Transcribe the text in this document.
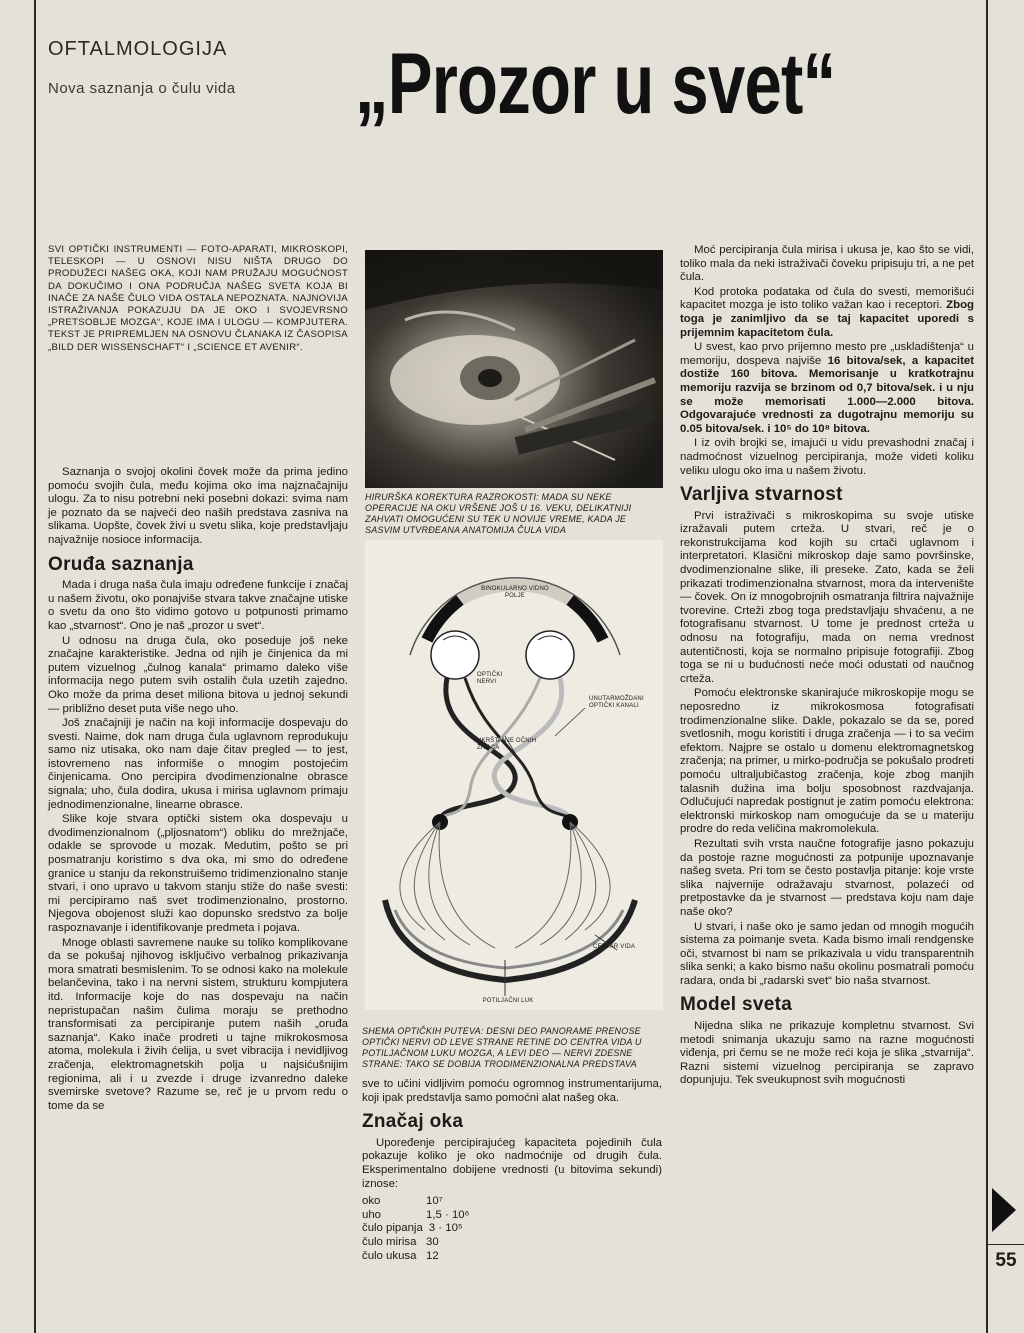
OFTALMOLOGIJA
Nova saznanja o čulu vida „Prozor u svet“
SVI OPTIČKI INSTRUMENTI — FOTO-APARATI, MIKROSKOPI, TELESKOPI — U OSNOVI NISU NIŠTA DRUGO DO PRODUŽECI NAŠEG OKA, KOJI NAM PRUŽAJU MOGUĆNOST DA DOKUČIMO I ONA PODRUČJA NAŠEG SVETA KOJA BI INAČE ZA NAŠE ČULO VIDA OSTALA NEPOZNATA. NAJNOVIJA ISTRAŽIVANJA POKAZUJU DA JE OKO I SVOJEVRSNO „PRETSOBLJE MOZGA“, KOJE IMA I ULOGU — KOMPJUTERA. TEKST JE PRIPREMLJEN NA OSNOVU ČLANAKA IZ ČASOPISA „BILD DER WISSENSCHAFT“ I „SCIENCE ET AVENIR“.

Saznanja o svojoj okolini čovek može da prima jedino pomoću svojih čula, među kojima oko ima najznačajniju ulogu. Za to nisu potrebni neki posebni dokazi: svima nam je poznato da se najveći deo naših predstava zasniva na slikama. Uopšte, čovek živi u svetu slika, koje predstavljaju najvažnije nosioce informacija.

Oruđa saznanja

Mada i druga naša čula imaju određene funkcije i značaj u našem životu, oko ponajviše stvara takve značajne utiske o svetu da ono što vidimo gotovo u potpunosti primamo kao „stvarnost“. Ono je naš „prozor u svet“.

U odnosu na druga čula, oko poseduje još neke značajne karakteristike. Jedna od njih je činjenica da mi putem vizuelnog „čulnog kanala“ primamo daleko više informacija nego putem svih ostalih čula uzetih zajedno. Oko može da prima deset miliona bitova u jednoj sekundi — približno deset puta više nego uho.

Još značajniji je način na koji informacije dospevaju do svesti. Naime, dok nam druga čula uglavnom reprodukuju samo niz utisaka, oko nam daje čitav pregled — to jest, istovremeno nas informiše o mnogim postojećim činjenicama. Ono percipira dvodimenzionalne obrasce signala; uho, čula dodira, ukusa i mirisa uglavnom primaju jednodimenzionalne, linearne obrasce.

Slike koje stvara optički sistem oka dospevaju u dvodimenzionalnom („pljosnatom“) obliku do mrežnjače, odakle se sprovode u mozak. Medutim, pošto se pri posmatranju koristimo s dva oka, mi smo do određene granice u stanju da rekonstruišemo tridimenzionalno stanje stvari, i ono upravo u takvom stanju stiže do naše svesti: mi percipiramo naš svet trodimenzionalno, prostorno. Njegova obojenost služi kao dopunsko sredstvo za bolje raspoznavanje i identifikovanje predmeta i pojava.

Mnoge oblasti savremene nauke su toliko komplikovane da se pokušaj njihovog isključivo verbalnog prikazivanja mora smatrati besmislenim. To se odnosi kako na molekule belančevina, tako i na nervni sistem, strukturu kompjutera itd. Informacije koje do nas dospevaju na način nepristupačan našim čulima moraju se prethodno transformisati za percipiranje putem naših „oruđa saznanja“. Kako inače prodreti u tajne mikrokosmosa atoma, molekula i živih ćelija, u svet vibracija i nevidljivog zračenja, elektromagnetskih polja u najsićušnijim regionima, ali i u zvezde i druge izvanredno daleke svemirske svetove? Razume se, reč je u prvom redu o tome da se

HIRURŠKA KOREKTURA RAZROKOSTI: MADA SU NEKE OPERACIJE NA OKU VRŠENE JOŠ U 16. VEKU, DELIKATNIJI ZAHVATI OMOGUĆENI SU TEK U NOVIJE VREME, KADA JE SASVIM UTVRĐEANA ANATOMIJA ČULA VIDA
BINOKULARNO VIDNO POLJE
OPTIČKI NERVI
UNUTARMOŽDANI OPTIČKI KANALI
UKRŠTANJE OČNIH ŽIVACA
CENTAR VIDA
POTILJAČNI LUK
SHEMA OPTIČKIH PUTEVA: DESNI DEO PANORAME PRENOSE OPTIČKI NERVI OD LEVE STRANE RETINE DO CENTRA VIDA U POTILJAČNOM LUKU MOZGA, A LEVI DEO — NERVI ZDESNE STRANE: TAKO SE DOBIJA TRODIMENZIONALNA PREDSTAVA

sve to učini vidljivim pomoću ogromnog instrumentarijuma, koji ipak predstavlja samo pomoćni alat našeg oka.

Značaj oka

Upoređenje percipirajućeg kapaciteta pojedinih čula pokazuje koliko je oko nadmoćnije od drugih čula. Eksperimentalno dobijene vrednosti (u bitovima sekundi) iznose:

oko	10⁷
uho	1,5 · 10⁶
čulo pipanja 3 · 10⁵
čulo mirisa 30
čulo ukusa 12

Moć percipiranja čula mirisa i ukusa je, kao što se vidi, toliko mala da neki istraživači čoveku pripisuju tri, a ne pet čula.

Kod protoka podataka od čula do svesti, memorišući kapacitet mozga je isto toliko važan kao i receptori. Zbog toga je zanimljivo da se taj kapacitet uporedi s prijemnim kapacitetom čula.

U svest, kao prvo prijemno mesto pre „uskladištenja“ u memoriju, dospeva najviše 16 bitova/sek, a kapacitet dostiže 160 bitova. Memorisanje u kratkotrajnu memoriju razvija se brzinom od 0,7 bitova/sek. i u nju se može memorisati 1.000—2.000 bitova. Odgovarajuće vrednosti za dugotrajnu memoriju su 0.05 bitova/sek. i 10⁵ do 10⁸ bitova.

I iz ovih brojki se, imajući u vidu prevashodni značaj i nadmoćnost vizuelnog percipiranja, može videti koliku veliku ulogu oko ima u našem životu.

Varljiva stvarnost

Prvi istraživači s mikroskopima su svoje utiske izražavali putem crteža. U stvari, reč je o rekonstrukcijama kod kojih su crtači uglavnom i interpretatori. Klasični mikroskop daje samo površinske, dvodimenzionalne slike, ili preseke. Zato, kada se želi prikazati trodimenzionalna stvarnost, mora da intervenište — čovek. On iz mnogobrojnih osmatranja filtrira najvažnije tvorevine. Crteži zbog toga predstavljaju shvaćenu, a ne fotografisanu stvarnost. U tome je prednost crteža u odnosu na fotografiju, mada on nema vrednost autentičnosti, koja se normalno pripisuje fotografiji. Zbog toga se ni u budućnosti neće moći odustati od naučnog crteža.

Pomoću elektronske skanirajuće mikroskopije mogu se neposredno iz mikrokosmosa fotografisati trodimenzionalne slike. Dakle, pokazalo se da se, pored svetlosnih, mogu koristiti i druga zračenja — i to sa većim efektom. Najpre se ostalo u domenu elektromagnetskog zračenja; na primer, u mirko-područja se pokušalo prodreti pomoću ultraljubičastog zračenja, koje zbog manjih talasnih dužina ima bolju sposobnost razdvajanja. Odlučujući napredak postignut je zatim pomoću elektrona: elektronski mirkoskop nam omogućuje da se u materiju prodre do reda veličina makromolekula.

Rezultati svih vrsta naučne fotografije jasno pokazuju da postoje razne mogućnosti za potpunije upoznavanje našeg sveta. Pri tom se često postavlja pitanje: koje vrste slika najvernije odražavaju stvarnost, polazeći od pretpostavke da je stvarnost — predstava koju nam daje naše oko?

U stvari, i naše oko je samo jedan od mnogih mogućih sistema za poimanje sveta. Kada bismo imali rendgenske oči, stvarnost bi nam se prikazivala u vidu transparentnih slika senki; a kako bismo našu okolinu posmatrali pomoću radara, onda bi „radarski svet“ bio naša stvarnost.

Model sveta

Nijedna slika ne prikazuje kompletnu stvarnost. Svi metodi snimanja ukazuju samo na razne mogućnosti viđenja, pri čemu se ne može reći koja je slika „stvarnija“. Razni sistemi vizuelnog percipiranja se zapravo dopunjuju. Tek sveukupnost svih mogućnosti

55
